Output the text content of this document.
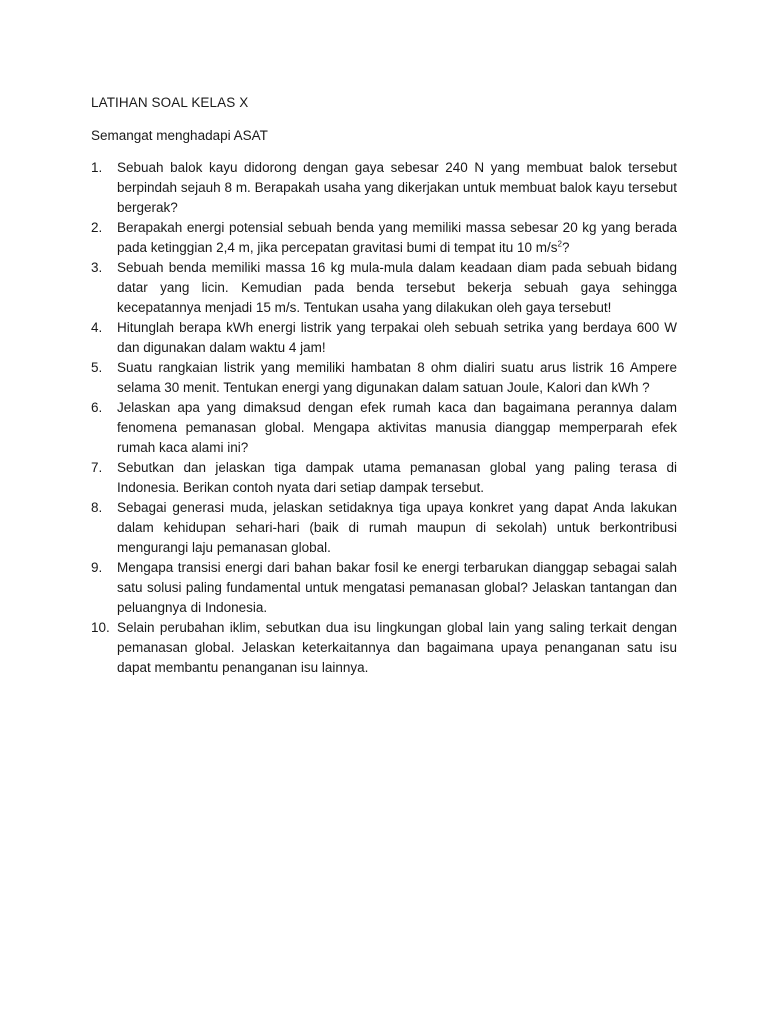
LATIHAN SOAL KELAS X
Semangat menghadapi ASAT
1.	Sebuah balok kayu didorong dengan gaya sebesar 240 N yang membuat balok tersebut berpindah sejauh 8 m. Berapakah usaha yang dikerjakan untuk membuat balok kayu tersebut bergerak?
2.	Berapakah energi potensial sebuah benda yang memiliki massa sebesar 20 kg yang berada pada ketinggian 2,4 m, jika percepatan gravitasi bumi di tempat itu 10 $m/s^2$?
3.	Sebuah benda memiliki massa 16 kg mula-mula dalam keadaan diam pada sebuah bidang datar yang licin. Kemudian pada benda tersebut bekerja sebuah gaya sehingga kecepatannya menjadi 15 m/s. Tentukan usaha yang dilakukan oleh gaya tersebut!
4.	Hitunglah berapa kWh energi listrik yang terpakai oleh sebuah setrika yang berdaya 600 W dan digunakan dalam waktu 4 jam!
5.	Suatu rangkaian listrik yang memiliki hambatan 8 ohm dialiri suatu arus listrik 16 Ampere selama 30 menit. Tentukan energi yang digunakan dalam satuan Joule, Kalori dan kWh ?
6.	Jelaskan apa yang dimaksud dengan efek rumah kaca dan bagaimana perannya dalam fenomena pemanasan global. Mengapa aktivitas manusia dianggap memperparah efek rumah kaca alami ini?
7.	Sebutkan dan jelaskan tiga dampak utama pemanasan global yang paling terasa di Indonesia. Berikan contoh nyata dari setiap dampak tersebut.
8.	Sebagai generasi muda, jelaskan setidaknya tiga upaya konkret yang dapat Anda lakukan dalam kehidupan sehari-hari (baik di rumah maupun di sekolah) untuk berkontribusi mengurangi laju pemanasan global.
9.	Mengapa transisi energi dari bahan bakar fosil ke energi terbarukan dianggap sebagai salah satu solusi paling fundamental untuk mengatasi pemanasan global? Jelaskan tantangan dan peluangnya di Indonesia.
10. Selain perubahan iklim, sebutkan dua isu lingkungan global lain yang saling terkait dengan pemanasan global. Jelaskan keterkaitannya dan bagaimana upaya penanganan satu isu dapat membantu penanganan isu lainnya.
